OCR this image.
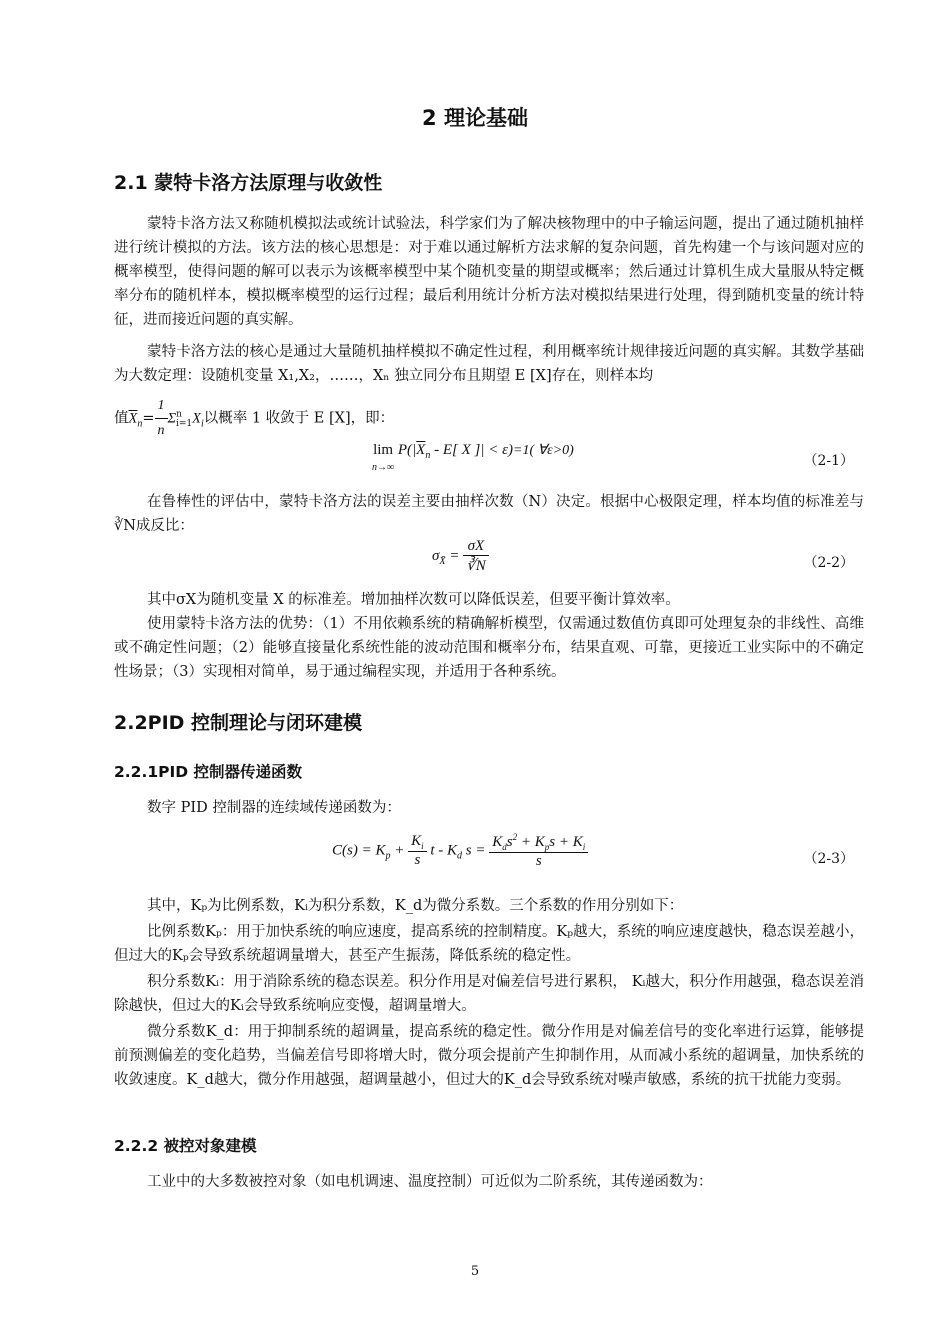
2 理论基础
2.1 蒙特卡洛方法原理与收敛性

蒙特卡洛方法又称随机模拟法或统计试验法，科学家们为了解决核物理中的中子输运问题，提出了通过随机抽样进行统计模拟的方法。该方法的核心思想是：对于难以通过解析方法求解的复杂问题，首先构建一个与该问题对应的概率模型，使得问题的解可以表示为该概率模型中某个随机变量的期望或概率；然后通过计算机生成大量服从特定概率分布的随机样本，模拟概率模型的运行过程；最后利用统计分析方法对模拟结果进行处理，得到随机变量的统计特征，进而接近问题的真实解。

蒙特卡洛方法的核心是通过大量随机抽样模拟不确定性过程，利用概率统计规律接近问题的真实解。其数学基础为大数定理：设随机变量 X₁,X₂，……，Xₙ 独立同分布且期望 E [X]存在，则样本均

值$\overline{X}_n= \frac{1}{n} \Sigma^n_{i=1}X_i$以概率 1 收敛于 E [X]，即：
lim
n→∞ $P(|\overline{X}_n - E$[ X ]| < ε)=1( ∀ε>0)
（2-1）

在鲁棒性的评估中，蒙特卡洛方法的误差主要由抽样次数（N）决定。根据中心极限定理，样本均值的标准差与∛N成反比：

$\sigma_{X̄} = \frac{\sigma X}{∛N}$	（2-2）

其中σX为随机变量 X 的标准差。增加抽样次数可以降低误差，但要平衡计算效率。

使用蒙特卡洛方法的优势：（1）不用依赖系统的精确解析模型，仅需通过数值仿真即可处理复杂的非线性、高维或不确定性问题；（2）能够直接量化系统性能的波动范围和概率分布，结果直观、可靠，更接近工业实际中的不确定性场景；（3）实现相对简单，易于通过编程实现，并适用于各种系统。

2.2PID 控制理论与闭环建模
2.2.1PID 控制器传递函数

数字 PID 控制器的连续域传递函数为：

$C(s) = K_p + \frac{K_i}{s}$ t - $K_d$ $s = \frac{K_ds^2 + K_ps + K_i}{s}$	（2-3）

其中，Kₚ为比例系数，Kᵢ为积分系数，K_d为微分系数。三个系数的作用分别如下：

比例系数Kₚ：用于加快系统的响应速度，提高系统的控制精度。Kₚ越大，系统的响应速度越快，稳态误差越小，但过大的Kₚ会导致系统超调量增大，甚至产生振荡，降低系统的稳定性。

积分系数Kᵢ：用于消除系统的稳态误差。积分作用是对偏差信号进行累积， Kᵢ越大，积分作用越强，稳态误差消除越快，但过大的Kᵢ会导致系统响应变慢，超调量增大。

微分系数K_d：用于抑制系统的超调量，提高系统的稳定性。微分作用是对偏差信号的变化率进行运算，能够提前预测偏差的变化趋势，当偏差信号即将增大时，微分项会提前产生抑制作用，从而减小系统的超调量，加快系统的收敛速度。K_d越大，微分作用越强，超调量越小，但过大的K_d会导致系统对噪声敏感，系统的抗干扰能力变弱。

2.2.2 被控对象建模

工业中的大多数被控对象（如电机调速、温度控制）可近似为二阶系统，其传递函数为：

5
